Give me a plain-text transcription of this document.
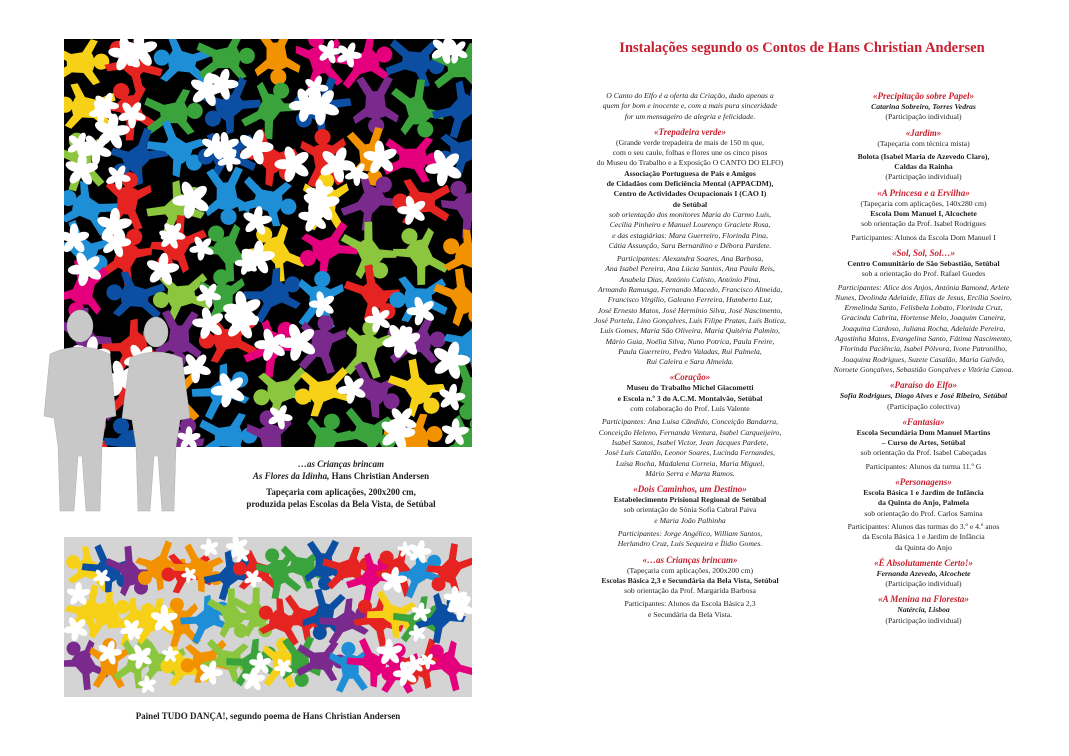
…as Crianças brincam
As Flores da Idinha, Hans Christian Andersen
Tapeçaria com aplicações, 200x200 cm,
produzida pelas Escolas da Bela Vista, de Setúbal
Painel TUDO DANÇA!, segundo poema de Hans Christian Andersen
Instalações segundo os Contos de Hans Christian Andersen

O Canto do Elfo é a oferta da Criação, dado apenas a

quem for bom e inocente e, com a mais pura sinceridade

for um mensageiro de alegria e felicidade.

«Trepadeira verde»

(Grande verde trepadeira de mais de 150 m que,

com o seu caule, folhas e flores une os cinco pisos

do Museu do Trabalho e a Exposição O CANTO DO ELFO)

Associação Portuguesa de Pais e Amigos

de Cidadãos com Deficiência Mental (APPACDM),

Centro de Actividades Ocupacionais I (CAO I)

de Setúbal

sob orientação dos monitores Maria do Carmo Luís,

Cecília Pinheiro e Manuel Lourenço Graciete Rosa,

e das estagiárias: Mara Guerreiro, Florinda Pina,

Cátia Assunção, Sara Bernardino e Débora Pardete.

Participantes: Alexandra Soares, Ana Barbosa,

Ana Isabel Pereira, Ana Lúcia Santos, Ana Paula Reis,

Anabela Dias, António Calisto, António Pina,

Armando Ramusga, Fernando Macedo, Francisco Almeida,

Francisco Virgílio, Galeano Ferreira, Humberto Luz,

José Ernesto Matos, José Hermínio Silva, José Nascimento,

José Portela, Lino Gonçalves, Luís Filipe Pratas, Luís Botica,

Luís Gomes, Maria São Oliveira, Maria Quitéria Palmito,

Mário Guia, Noélia Silva, Nuno Potrica, Paula Freire,

Paula Guerreiro, Pedro Valadas, Rui Palmela,

Rui Caleira e Sara Almeida.

«Coração»

Museu do Trabalho Michel Giacometti

e Escola n.º 3 do A.C.M. Montalvão, Setúbal

com colaboração do Prof. Luís Valente

Participantes: Ana Luísa Cândido, Conceição Bandarra,

Conceição Heleno, Fernanda Ventura, Isabel Carqueijeiro,

Isabel Santos, Isabel Victor, Jean Jacques Pardete,

José Luís Catalão, Leonor Soares, Lucinda Fernandes,

Luísa Rocha, Madalena Correia, Maria Miguel,

Mário Serra e Marta Ramos.

«Dois Caminhos, um Destino»

Estabelecimento Prisional Regional de Setúbal

sob orientação de Sónia Sofia Cabral Paiva

e Maria João Palhinha

Participantes: Jorge Angélico, William Santos,

Herlandro Cruz, Luís Sequeira e Ílidio Gomes.

«…as Crianças brincam»

(Tapeçaria com aplicações, 200x200 cm)

Escolas Básica 2,3 e Secundária da Bela Vista, Setúbal

sob orientação da Prof. Margarida Barbosa

Participantes: Alunos da Escola Básica 2,3

e Secundária da Bela Vista.

«Precipitação sobre Papel»

Catarina Sobreiro, Torres Vedras

(Participação individual)

«Jardim»

(Tapeçaria com técnica mista)

Bolota (Isabel Maria de Azevedo Claro),

Caldas da Rainha

(Participação individual)

«A Princesa e a Ervilha»

(Tapeçaria com aplicações, 140x280 cm)

Escola Dom Manuel I, Alcochete

sob orientação da Prof. Isabel Rodrigues

Participantes: Alunos da Escola Dom Manuel I

«Sol, Sol, Sol…»

Centro Comunitário de São Sebastião, Setúbal

sob a orientação do Prof. Rafael Guedes

Participantes: Alice dos Anjos, Antónia Bamond, Arlete

Nunes, Deolinda Adelaide, Elias de Jesus, Ercília Soeiro,

Ermelinda Santo, Felisbela Lobato, Florinda Cruz,

Gracinda Cabrita, Hortense Melo, Joaquim Caneira,

Joaquina Cardoso, Juliana Rocha, Adelaide Pereira,

Agostinha Matos, Evangelina Santo, Fátima Nascimento,

Florinda Paciência, Isabel Pólvora, Ivone Patronilho,

Joaquina Rodrigues, Suzete Casalão, Maria Galvão,

Noroete Gonçalves, Sebastião Gonçalves e Vitória Canoa.

«Paraíso do Elfo»

Sofia Rodrigues, Diogo Alves e José Ribeiro, Setúbal

(Participação colectiva)

«Fantasia»

Escola Secundária Dom Manuel Martins

– Curso de Artes, Setúbal

sob orientação da Prof. Isabel Cabeçadas

Participantes: Alunos da turma 11.º G

«Personagens»

Escola Básica 1 e Jardim de Infância

da Quinta do Anjo, Palmela

sob orientação do Prof. Carlos Samina

Participantes: Alunos das turmas do 3.º e 4.º anos

da Escola Básica 1 e Jardim de Infância

da Quinta do Anjo

«É Absolutamente Certo!»

Fernanda Azevedo, Alcochete

(Participação individual)

«A Menina na Floresta»

Natércia, Lisboa

(Participação individual)
